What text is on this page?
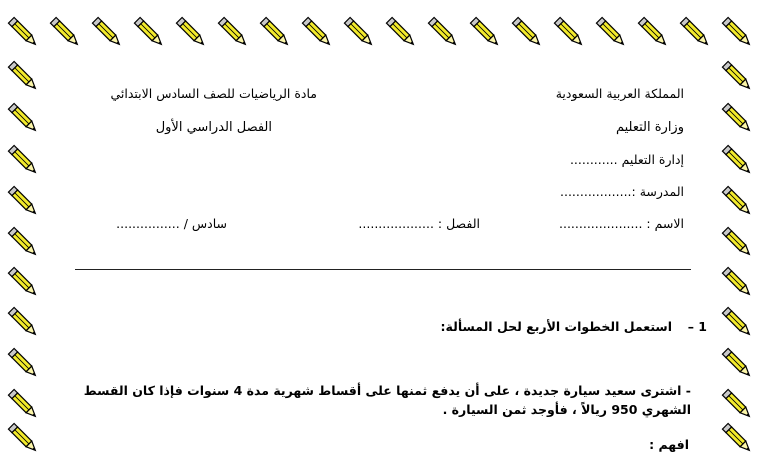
المملكة العربية السعودية
مادة الرياضيات للصف السادس الابتدائي
وزارة التعليم
الفصل الدراسي الأول
إدارة التعليم ............
المدرسة :..................
الاسم : .....................
الفصل : ...................
سادس / ................
1 –
استعمل الخطوات الأربع لحل المسألة:
- اشترى سعيد سيارة جديدة ، على أن يدفع ثمنها على أقساط شهرية مدة 4 سنوات فإذا كان القسط
الشهري 950 ريالاً ، فأوجد ثمن السيارة .
افهم :
